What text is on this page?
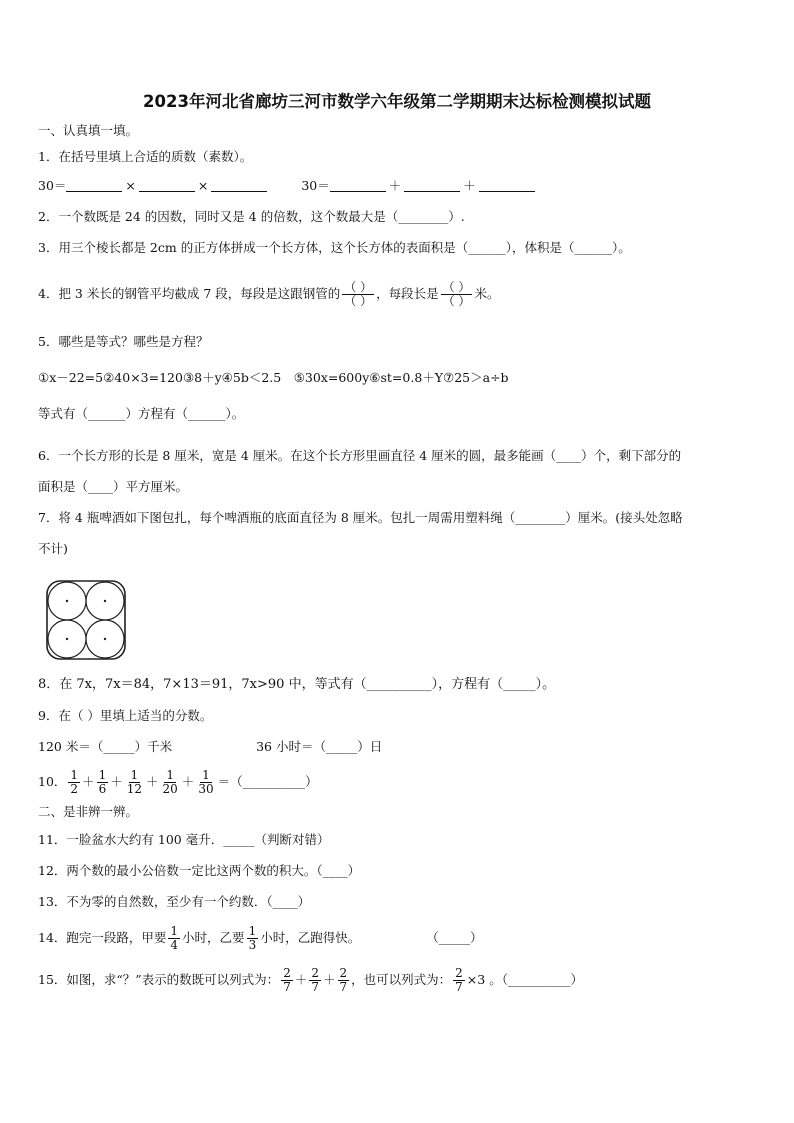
2023年河北省廊坊三河市数学六年级第二学期期末达标检测模拟试题
一、认真填一填。
1．在括号里填上合适的质数（素数）。
30＝	×	×	30＝	＋	＋
2．一个数既是 24 的因数，同时又是 4 的倍数，这个数最大是（________）.
3．用三个棱长都是 2cm 的正方体拼成一个长方体，这个长方体的表面积是（______），体积是（______）。
4．把 3 米长的钢管平均截成 7 段，每段是这跟钢管的 $\frac{( )}{( )}$ ，每段长是 $\frac{( )}{( )}$ 米。
5．哪些是等式？哪些是方程？
①x－22=5②40×3=120③8＋y④5b＜2.5　⑤30x=600y⑥st=0.8＋Y⑦25＞a÷b
等式有（______）方程有（______）。
6．一个长方形的长是 8 厘米，宽是 4 厘米。在这个长方形里画直径 4 厘米的圆，最多能画（____）个，剩下部分的
面积是（____）平方厘米。
7．将 4 瓶啤酒如下图包扎，每个啤酒瓶的底面直径为 8 厘米。包扎一周需用塑料绳（________）厘米。(接头处忽略
不计)
8．在 7x，7x＝84，7×13＝91，7x>90 中，等式有（__________），方程有（_____）。
9．在（ ）里填上适当的分数。
120 米＝（_____）千米	36 小时＝（_____）日
10． $\frac{1}{2} + \frac{1}{6} + \frac{1}{12} + \frac{1}{20} + \frac{1}{30}$ ＝（__________）
二、是非辨一辨。
11．一脸盆水大约有 100 毫升．_____（判断对错）
12．两个数的最小公倍数一定比这两个数的积大。（____）
13．不为零的自然数，至少有一个约数．（____）
14．跑完一段路，甲要 $\frac{1}{4}$ 小时，乙要 $\frac{1}{3}$ 小时，乙跑得快。	（_____）
15．如图，求“？”表示的数既可以列式为： $\frac{2}{7} + \frac{2}{7} + \frac{2}{7}$ ，也可以列式为： $\frac{2}{7} \times 3$ 。（__________）
